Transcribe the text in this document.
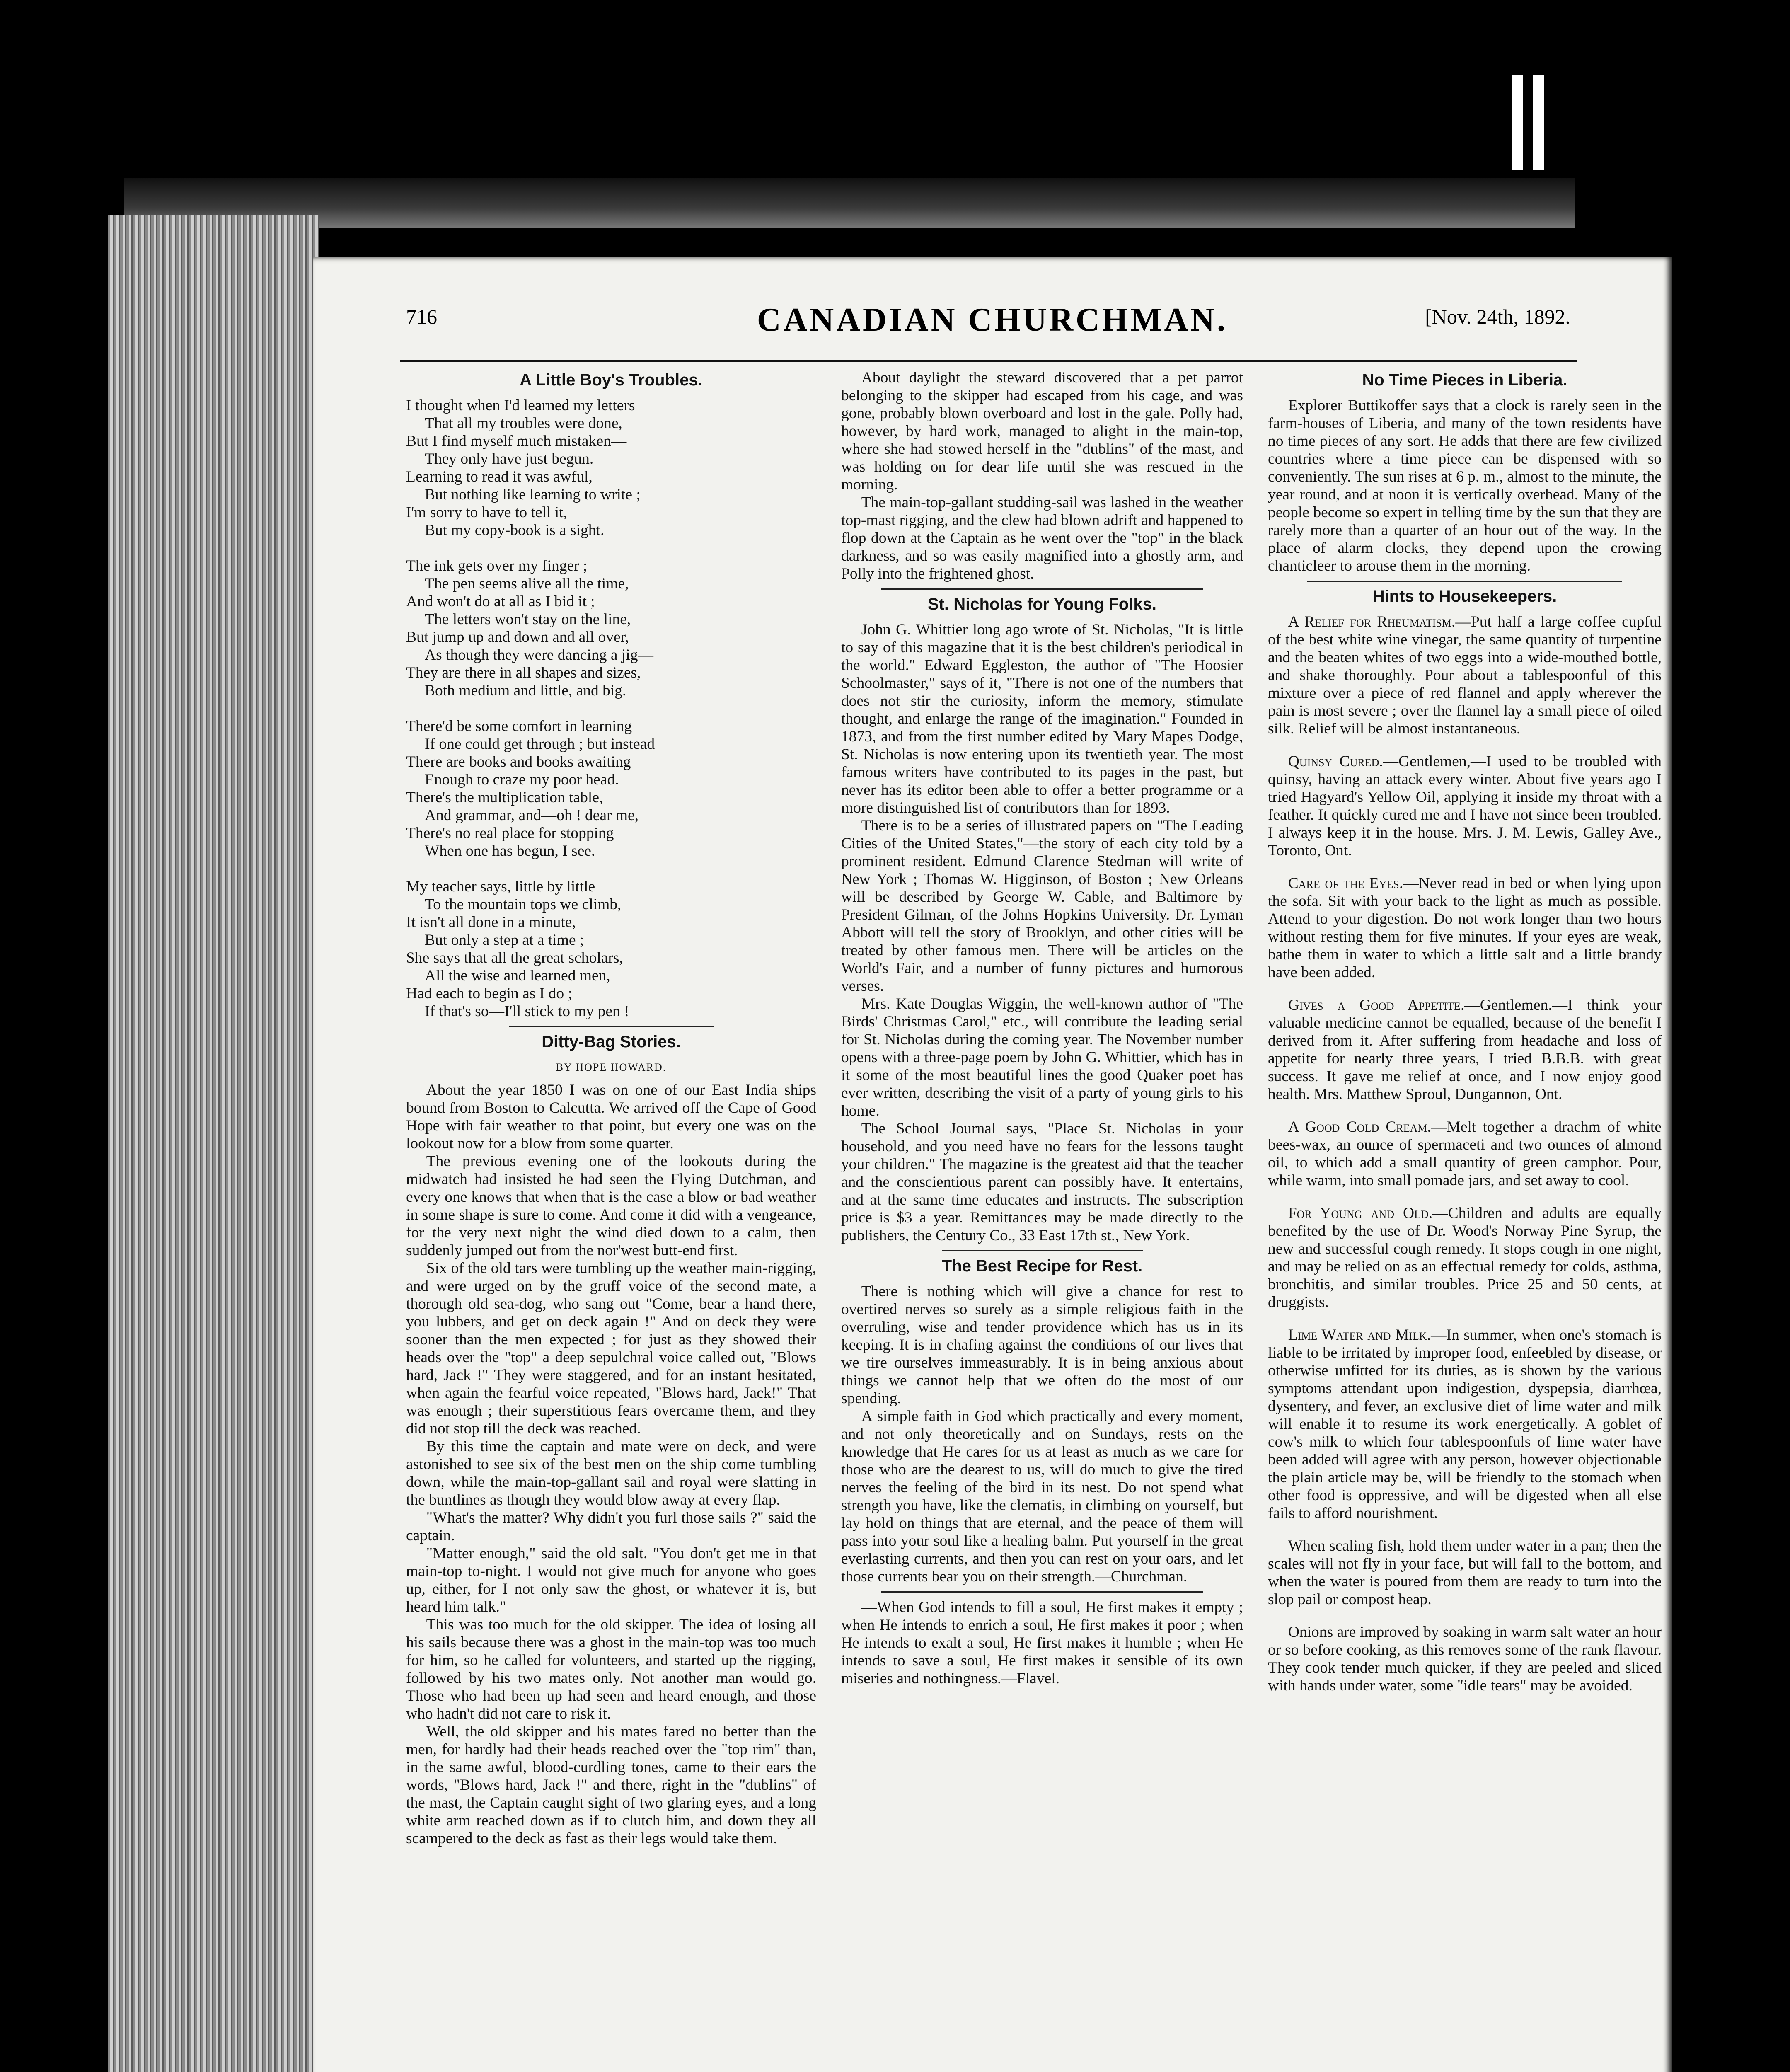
716	CANADIAN CHURCHMAN.	[Nov. 24th, 1892.
A Little Boy's Troubles.
I thought when I'd learned my letters
That all my troubles were done,
But I find myself much mistaken—
They only have just begun.
Learning to read it was awful,
But nothing like learning to write ;
I'm sorry to have to tell it,
But my copy-book is a sight.
The ink gets over my finger ;
The pen seems alive all the time,
And won't do at all as I bid it ;
The letters won't stay on the line,
But jump up and down and all over,
As though they were dancing a jig—
They are there in all shapes and sizes,
Both medium and little, and big.
There'd be some comfort in learning
If one could get through ; but instead
There are books and books awaiting
Enough to craze my poor head.
There's the multiplication table,
And grammar, and—oh ! dear me,
There's no real place for stopping
When one has begun, I see.
My teacher says, little by little
To the mountain tops we climb,
It isn't all done in a minute,
But only a step at a time ;
She says that all the great scholars,
All the wise and learned men,
Had each to begin as I do ;
If that's so—I'll stick to my pen !
Ditty-Bag Stories.
BY HOPE HOWARD.

About the year 1850 I was on one of our East India ships bound from Boston to Calcutta. We arrived off the Cape of Good Hope with fair weather to that point, but every one was on the lookout now for a blow from some quarter.

The previous evening one of the lookouts during the midwatch had insisted he had seen the Flying Dutchman, and every one knows that when that is the case a blow or bad weather in some shape is sure to come. And come it did with a vengeance, for the very next night the wind died down to a calm, then suddenly jumped out from the nor'west butt-end first.

Six of the old tars were tumbling up the weather main-rigging, and were urged on by the gruff voice of the second mate, a thorough old sea-dog, who sang out "Come, bear a hand there, you lubbers, and get on deck again !" And on deck they were sooner than the men expected ; for just as they showed their heads over the "top" a deep sepulchral voice called out, "Blows hard, Jack !" They were staggered, and for an instant hesitated, when again the fearful voice repeated, "Blows hard, Jack!" That was enough ; their superstitious fears overcame them, and they did not stop till the deck was reached.

By this time the captain and mate were on deck, and were astonished to see six of the best men on the ship come tumbling down, while the main-top-gallant sail and royal were slatting in the buntlines as though they would blow away at every flap.

"What's the matter? Why didn't you furl those sails ?" said the captain.

"Matter enough," said the old salt. "You don't get me in that main-top to-night. I would not give much for anyone who goes up, either, for I not only saw the ghost, or whatever it is, but heard him talk."

This was too much for the old skipper. The idea of losing all his sails because there was a ghost in the main-top was too much for him, so he called for volunteers, and started up the rigging, followed by his two mates only. Not another man would go. Those who had been up had seen and heard enough, and those who hadn't did not care to risk it.

Well, the old skipper and his mates fared no better than the men, for hardly had their heads reached over the "top rim" than, in the same awful, blood-curdling tones, came to their ears the words, "Blows hard, Jack !" and there, right in the "dublins" of the mast, the Captain caught sight of two glaring eyes, and a long white arm reached down as if to clutch him, and down they all scampered to the deck as fast as their legs would take them.

About daylight the steward discovered that a pet parrot belonging to the skipper had escaped from his cage, and was gone, probably blown overboard and lost in the gale. Polly had, however, by hard work, managed to alight in the main-top, where she had stowed herself in the "dublins" of the mast, and was holding on for dear life until she was rescued in the morning.

The main-top-gallant studding-sail was lashed in the weather top-mast rigging, and the clew had blown adrift and happened to flop down at the Captain as he went over the "top" in the black darkness, and so was easily magnified into a ghostly arm, and Polly into the frightened ghost.

St. Nicholas for Young Folks.

John G. Whittier long ago wrote of St. Nicholas, "It is little to say of this magazine that it is the best children's periodical in the world." Edward Eggleston, the author of "The Hoosier Schoolmaster," says of it, "There is not one of the numbers that does not stir the curiosity, inform the memory, stimulate thought, and enlarge the range of the imagination." Founded in 1873, and from the first number edited by Mary Mapes Dodge, St. Nicholas is now entering upon its twentieth year. The most famous writers have contributed to its pages in the past, but never has its editor been able to offer a better programme or a more distinguished list of contributors than for 1893.

There is to be a series of illustrated papers on "The Leading Cities of the United States,"—the story of each city told by a prominent resident. Edmund Clarence Stedman will write of New York ; Thomas W. Higginson, of Boston ; New Orleans will be described by George W. Cable, and Baltimore by President Gilman, of the Johns Hopkins University. Dr. Lyman Abbott will tell the story of Brooklyn, and other cities will be treated by other famous men. There will be articles on the World's Fair, and a number of funny pictures and humorous verses.

Mrs. Kate Douglas Wiggin, the well-known author of "The Birds' Christmas Carol," etc., will contribute the leading serial for St. Nicholas during the coming year. The November number opens with a three-page poem by John G. Whittier, which has in it some of the most beautiful lines the good Quaker poet has ever written, describing the visit of a party of young girls to his home.

The School Journal says, "Place St. Nicholas in your household, and you need have no fears for the lessons taught your children." The magazine is the greatest aid that the teacher and the conscientious parent can possibly have. It entertains, and at the same time educates and instructs. The subscription price is $3 a year. Remittances may be made directly to the publishers, the Century Co., 33 East 17th st., New York.

The Best Recipe for Rest.

There is nothing which will give a chance for rest to overtired nerves so surely as a simple religious faith in the overruling, wise and tender providence which has us in its keeping. It is in chafing against the conditions of our lives that we tire ourselves immeasurably. It is in being anxious about things we cannot help that we often do the most of our spending.

A simple faith in God which practically and every moment, and not only theoretically and on Sundays, rests on the knowledge that He cares for us at least as much as we care for those who are the dearest to us, will do much to give the tired nerves the feeling of the bird in its nest. Do not spend what strength you have, like the clematis, in climbing on yourself, but lay hold on things that are eternal, and the peace of them will pass into your soul like a healing balm. Put yourself in the great everlasting currents, and then you can rest on your oars, and let those currents bear you on their strength.—Churchman.

—When God intends to fill a soul, He first makes it empty ; when He intends to enrich a soul, He first makes it poor ; when He intends to exalt a soul, He first makes it humble ; when He intends to save a soul, He first makes it sensible of its own miseries and nothingness.—Flavel.

No Time Pieces in Liberia.

Explorer Buttikoffer says that a clock is rarely seen in the farm-houses of Liberia, and many of the town residents have no time pieces of any sort. He adds that there are few civilized countries where a time piece can be dispensed with so conveniently. The sun rises at 6 p. m., almost to the minute, the year round, and at noon it is vertically overhead. Many of the people become so expert in telling time by the sun that they are rarely more than a quarter of an hour out of the way. In the place of alarm clocks, they depend upon the crowing chanticleer to arouse them in the morning.

Hints to Housekeepers.

A Relief for Rheumatism.—Put half a large coffee cupful of the best white wine vinegar, the same quantity of turpentine and the beaten whites of two eggs into a wide-mouthed bottle, and shake thoroughly. Pour about a tablespoonful of this mixture over a piece of red flannel and apply wherever the pain is most severe ; over the flannel lay a small piece of oiled silk. Relief will be almost instantaneous.

Quinsy Cured.—Gentlemen,—I used to be troubled with quinsy, having an attack every winter. About five years ago I tried Hagyard's Yellow Oil, applying it inside my throat with a feather. It quickly cured me and I have not since been troubled. I always keep it in the house. Mrs. J. M. Lewis, Galley Ave., Toronto, Ont.

Care of the Eyes.—Never read in bed or when lying upon the sofa. Sit with your back to the light as much as possible. Attend to your digestion. Do not work longer than two hours without resting them for five minutes. If your eyes are weak, bathe them in water to which a little salt and a little brandy have been added.

Gives a Good Appetite.—Gentlemen.—I think your valuable medicine cannot be equalled, because of the benefit I derived from it. After suffering from headache and loss of appetite for nearly three years, I tried B.B.B. with great success. It gave me relief at once, and I now enjoy good health. Mrs. Matthew Sproul, Dungannon, Ont.

A Good Cold Cream.—Melt together a drachm of white bees-wax, an ounce of spermaceti and two ounces of almond oil, to which add a small quantity of green camphor. Pour, while warm, into small pomade jars, and set away to cool.

For Young and Old.—Children and adults are equally benefited by the use of Dr. Wood's Norway Pine Syrup, the new and successful cough remedy. It stops cough in one night, and may be relied on as an effectual remedy for colds, asthma, bronchitis, and similar troubles. Price 25 and 50 cents, at druggists.

Lime Water and Milk.—In summer, when one's stomach is liable to be irritated by improper food, enfeebled by disease, or otherwise unfitted for its duties, as is shown by the various symptoms attendant upon indigestion, dyspepsia, diarrhœa, dysentery, and fever, an exclusive diet of lime water and milk will enable it to resume its work energetically. A goblet of cow's milk to which four tablespoonfuls of lime water have been added will agree with any person, however objectionable the plain article may be, will be friendly to the stomach when other food is oppressive, and will be digested when all else fails to afford nourishment.

When scaling fish, hold them under water in a pan; then the scales will not fly in your face, but will fall to the bottom, and when the water is poured from them are ready to turn into the slop pail or compost heap.

Onions are improved by soaking in warm salt water an hour or so before cooking, as this removes some of the rank flavour. They cook tender much quicker, if they are peeled and sliced with hands under water, some "idle tears" may be avoided.
